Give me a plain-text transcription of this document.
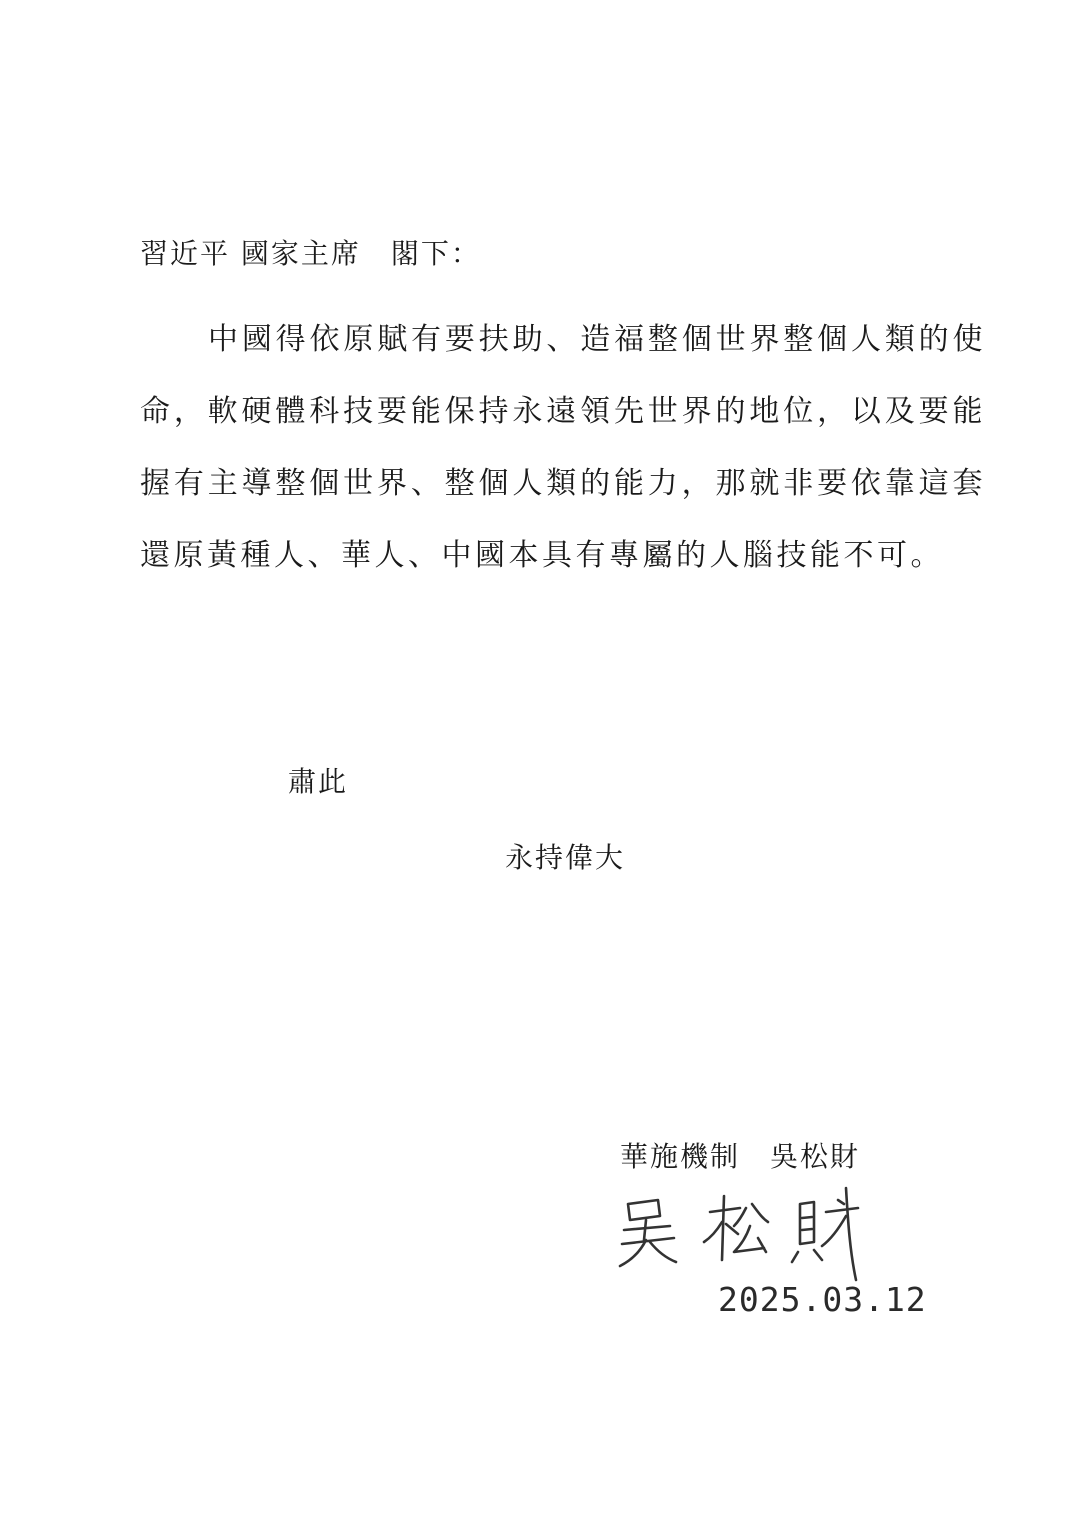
習近平 國家主席　閣下：

中國得依原賦有要扶助、造福整個世界整個人類的使命，軟硬體科技要能保持永遠領先世界的地位，以及要能握有主導整個世界、整個人類的能力，那就非要依靠這套還原黃種人、華人、中國本具有專屬的人腦技能不可。

肅此
永持偉大
華施機制　吳松財
2025.03.12
